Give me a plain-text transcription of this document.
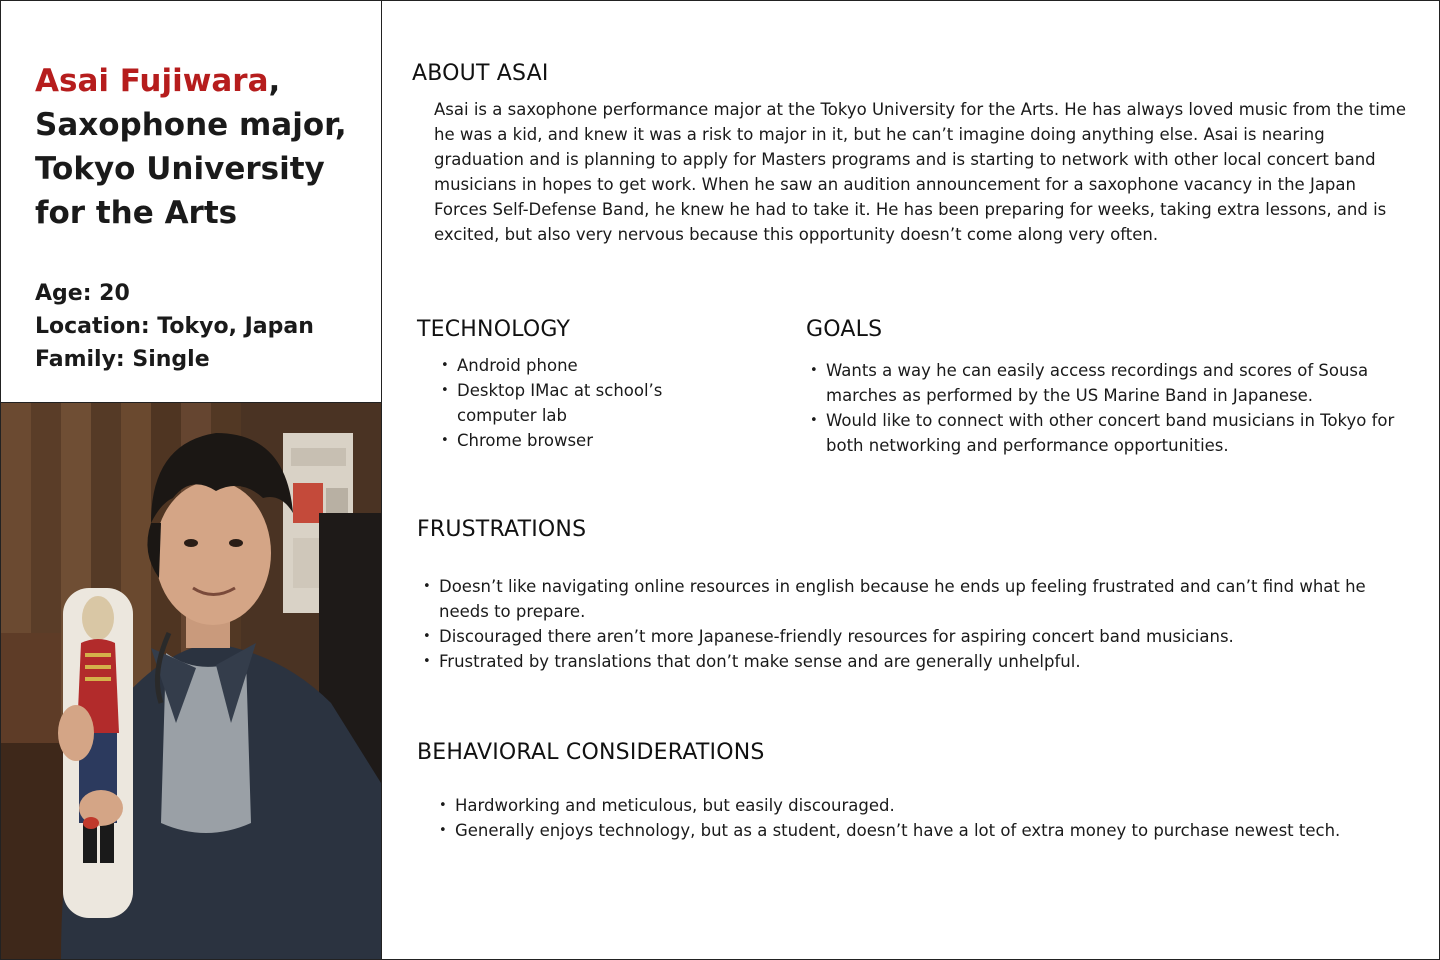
Asai Fujiwara,
Saxophone major, Tokyo University for the Arts
Age: 20
Location: Tokyo, Japan
Family: Single
ABOUT ASAI

Asai is a saxophone performance major at the Tokyo University for the Arts. He has always loved music from the time he was a kid, and knew it was a risk to major in it, but he can’t imagine doing anything else. Asai is nearing graduation and is planning to apply for Masters programs and is starting to network with other local concert band musicians in hopes to get work. When he saw an audition announcement for a saxophone vacancy in the Japan Forces Self-Defense Band, he knew he had to take it. He has been preparing for weeks, taking extra lessons, and is excited, but also very nervous because this opportunity doesn’t come along very often.

TECHNOLOGY
• Android phone
• Desktop IMac at school’s computer lab
• Chrome browser
GOALS
• Wants a way he can easily access recordings and scores of Sousa marches as performed by the US Marine Band in Japanese.
• Would like to connect with other concert band musicians in Tokyo for both networking and performance opportunities.
FRUSTRATIONS
• Doesn’t like navigating online resources in english because he ends up feeling frustrated and can’t find what he needs to prepare.
• Discouraged there aren’t more Japanese-friendly resources for aspiring concert band musicians.
• Frustrated by translations that don’t make sense and are generally unhelpful.
BEHAVIORAL CONSIDERATIONS
• Hardworking and meticulous, but easily discouraged.
• Generally enjoys technology, but as a student, doesn’t have a lot of extra money to purchase newest tech.
